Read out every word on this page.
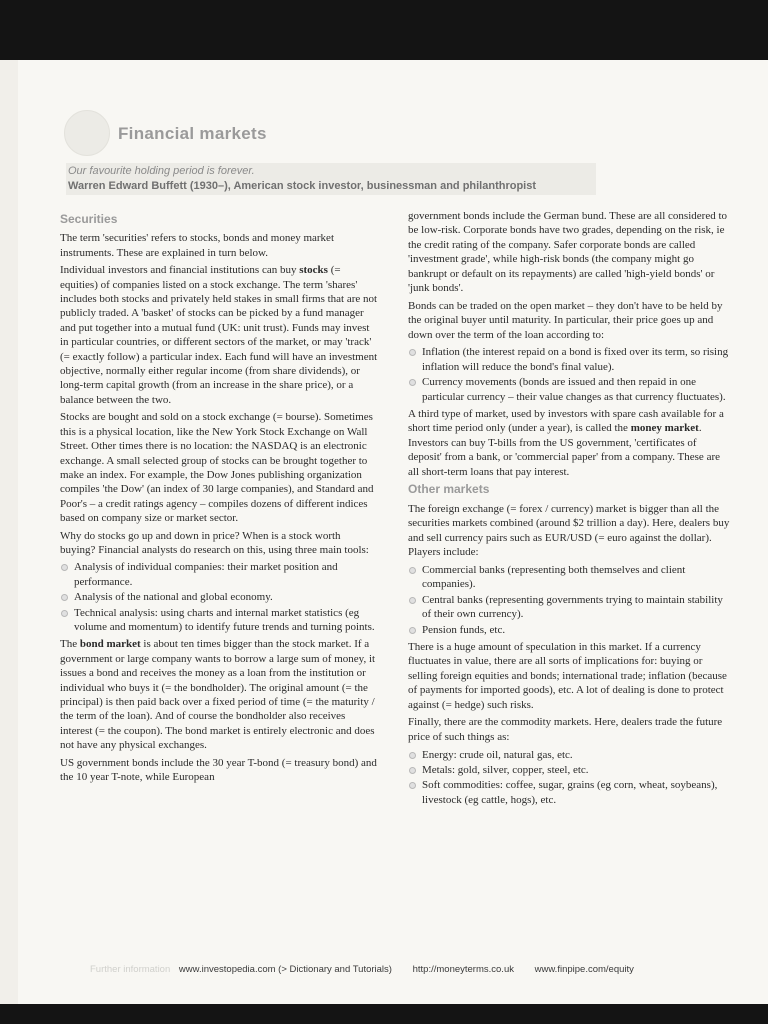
Financial markets

Our favourite holding period is forever.

Warren Edward Buffett (1930–), American stock investor, businessman and philanthropist

Securities

The term 'securities' refers to stocks, bonds and money market instruments. These are explained in turn below.

Individual investors and financial institutions can buy stocks (= equities) of companies listed on a stock exchange. The term 'shares' includes both stocks and privately held stakes in small firms that are not publicly traded. A 'basket' of stocks can be picked by a fund manager and put together into a mutual fund (UK: unit trust). Funds may invest in particular countries, or different sectors of the market, or may 'track' (= exactly follow) a particular index. Each fund will have an investment objective, normally either regular income (from share dividends), or long-term capital growth (from an increase in the share price), or a balance between the two.

Stocks are bought and sold on a stock exchange (= bourse). Sometimes this is a physical location, like the New York Stock Exchange on Wall Street. Other times there is no location: the NASDAQ is an electronic exchange. A small selected group of stocks can be brought together to make an index. For example, the Dow Jones publishing organization compiles 'the Dow' (an index of 30 large companies), and Standard and Poor's – a credit ratings agency – compiles dozens of different indices based on company size or market sector.

Why do stocks go up and down in price? When is a stock worth buying? Financial analysts do research on this, using three main tools:

Analysis of individual companies: their market position and performance.
Analysis of the national and global economy.
Technical analysis: using charts and internal market statistics (eg volume and momentum) to identify future trends and turning points.

The bond market is about ten times bigger than the stock market. If a government or large company wants to borrow a large sum of money, it issues a bond and receives the money as a loan from the institution or individual who buys it (= the bondholder). The original amount (= the principal) is then paid back over a fixed period of time (= the maturity / the term of the loan). And of course the bondholder also receives interest (= the coupon). The bond market is entirely electronic and does not have any physical exchanges.

US government bonds include the 30 year T-bond (= treasury bond) and the 10 year T-note, while European

government bonds include the German bund. These are all considered to be low-risk. Corporate bonds have two grades, depending on the risk, ie the credit rating of the company. Safer corporate bonds are called 'investment grade', while high-risk bonds (the company might go bankrupt or default on its repayments) are called 'high-yield bonds' or 'junk bonds'.

Bonds can be traded on the open market – they don't have to be held by the original buyer until maturity. In particular, their price goes up and down over the term of the loan according to:

Inflation (the interest repaid on a bond is fixed over its term, so rising inflation will reduce the bond's final value).
Currency movements (bonds are issued and then repaid in one particular currency – their value changes as that currency fluctuates).

A third type of market, used by investors with spare cash available for a short time period only (under a year), is called the money market. Investors can buy T-bills from the US government, 'certificates of deposit' from a bank, or 'commercial paper' from a company. These are all short-term loans that pay interest.

Other markets

The foreign exchange (= forex / currency) market is bigger than all the securities markets combined (around $2 trillion a day). Here, dealers buy and sell currency pairs such as EUR/USD (= euro against the dollar). Players include:

Commercial banks (representing both themselves and client companies).
Central banks (representing governments trying to maintain stability of their own currency).
Pension funds, etc.

There is a huge amount of speculation in this market. If a currency fluctuates in value, there are all sorts of implications for: buying or selling foreign equities and bonds; international trade; inflation (because of payments for imported goods), etc. A lot of dealing is done to protect against (= hedge) such risks.

Finally, there are the commodity markets. Here, dealers trade the future price of such things as:

Energy: crude oil, natural gas, etc.
Metals: gold, silver, copper, steel, etc.
Soft commodities: coffee, sugar, grains (eg corn, wheat, soybeans), livestock (eg cattle, hogs), etc.
Further information www.investopedia.com (> Dictionary and Tutorials) http://moneyterms.co.uk www.finpipe.com/equity
